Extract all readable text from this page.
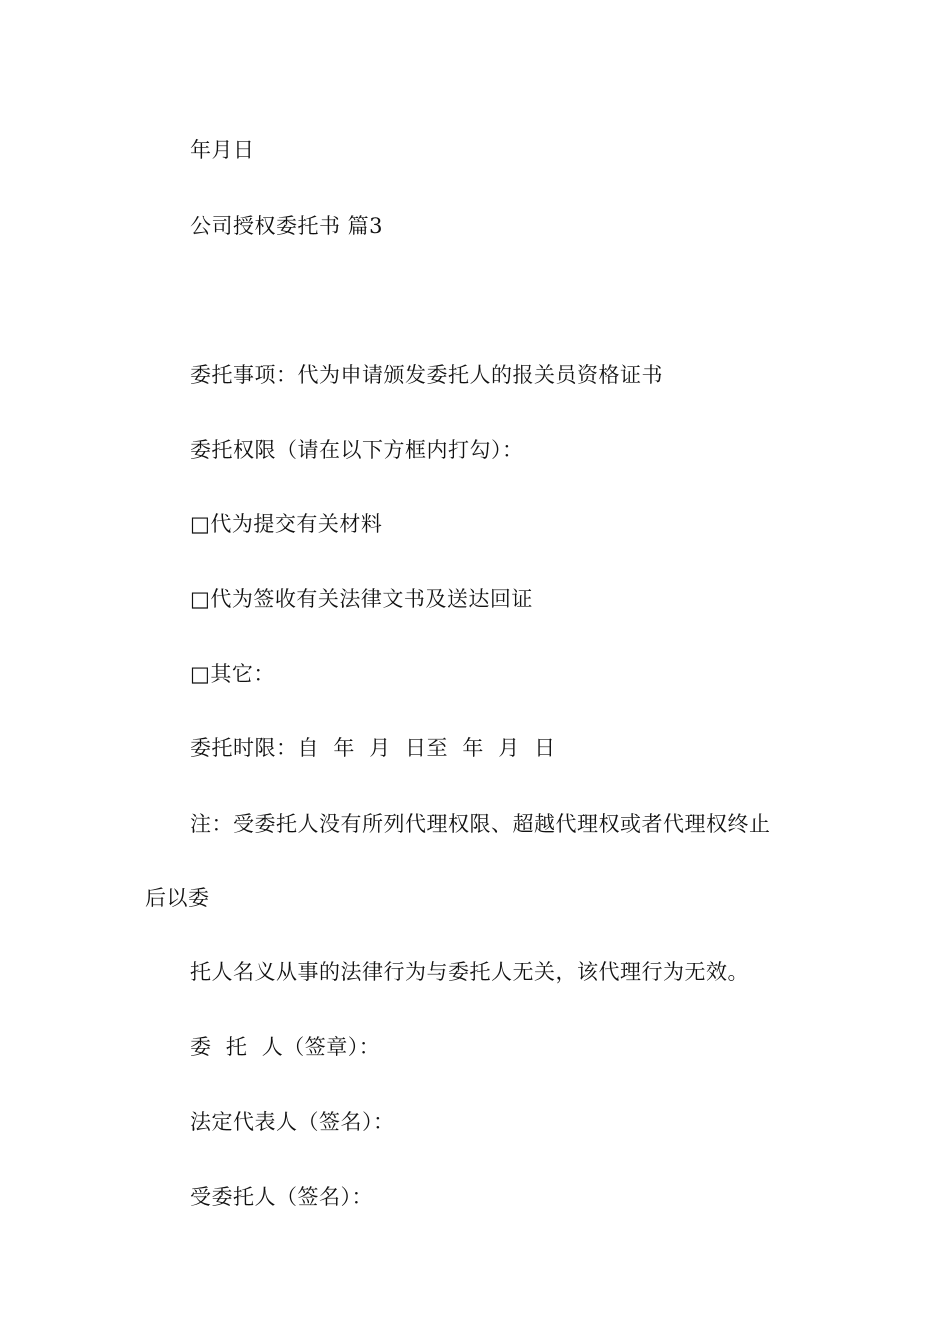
年月日
公司授权委托书 篇3
委托事项：代为申请颁发委托人的报关员资格证书
委托权限（请在以下方框内打勾）：
□代为提交有关材料
□代为签收有关法律文书及送达回证
□其它：
委托时限：自  年  月  日至  年  月  日
注：受委托人没有所列代理权限、超越代理权或者代理权终止
后以委
托人名义从事的法律行为与委托人无关，该代理行为无效。
委  托  人（签章）：
法定代表人（签名）：
受委托人（签名）：
